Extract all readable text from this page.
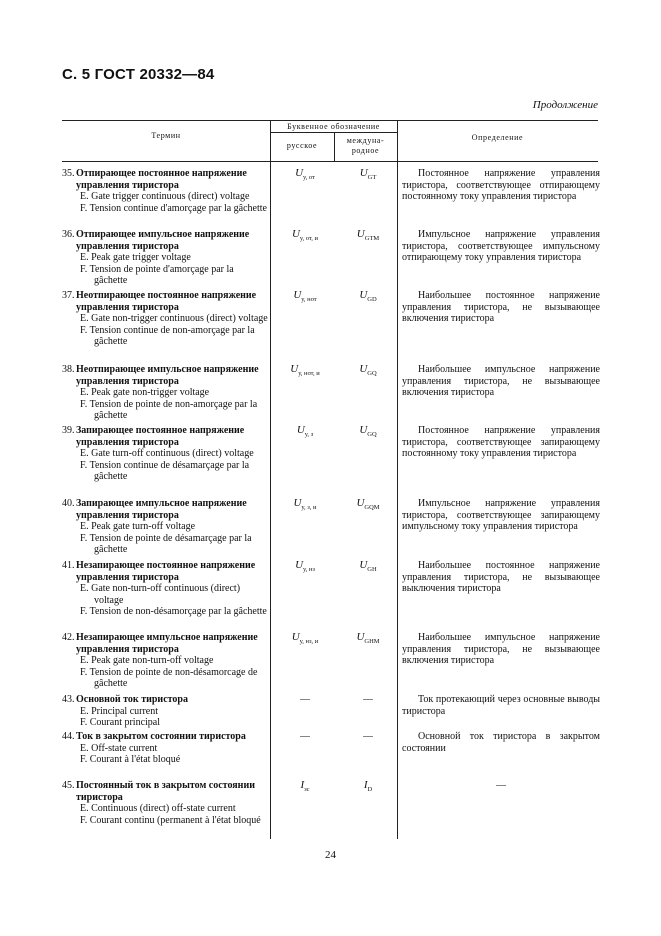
С. 5 ГОСТ 20332—84
Продолжение
Термин
Буквенное обозначение
русское
междуна-
родное
Определение
35. Отпирающее постоянное напряжение управления тиристора
E. Gate trigger continuous (direct) voltage
F. Tension continue d'amorçage par la gâchette
$U_{у, от}$	$U_{GT}$	Постоянное напряжение управления тиристора, соответствующее отпирающему постоянному току управления тиристора
36. Отпирающее импульсное напряжение управления тиристора
E. Peak gate trigger voltage
F. Tension de pointe d'amorçage par la gâchette
$U_{у, от, и}$	$U_{GTM}$	Импульсное напряжение управления тиристора, соответствующее импульсному отпирающему току управления тиристора
37. Неотпирающее постоянное напряжение управления тиристора
E. Gate non-trigger continuous (direct) voltage
F. Tension continue de non-amorçage par la gâchette
$U_{у, нот}$	$U_{GD}$	Наибольшее постоянное напряжение управления тиристора, не вызывающее включения тиристора
38. Неотпирающее импульсное напряжение управления тиристора
E. Peak gate non-trigger voltage
F. Tension de pointe de non-amorçage par la gâchette
$U_{у, нот, и}$	$U_{GQ}$	Наибольшее импульсное напряжение управления тиристора, не вызывающее включения тиристора
39. Запирающее постоянное напряжение управления тиристора
E. Gate turn-off continuous (direct) voltage
F. Tension continue de désamarçage par la gâchette
$U_{у, з}$	$U_{GQ}$	Постоянное напряжение управления тиристора, соответствующее запирающему постоянному току управления тиристора
40. Запирающее импульсное напряжение управления тиристора
E. Peak gate turn-off voltage
F. Tension de pointe de désamarçage par la gâchette
$U_{у, з, и}$	$U_{GQM}$	Импульсное напряжение управления тиристора, соответствующее запирающему импульсному току управления тиристора
41. Незапирающее постоянное напряжение управления тиристора
E. Gate non-turn-off continuous (direct) voltage
F. Tension de non-désamorçage par la gâchette
$U_{у, нз}$	$U_{GH}$	Наибольшее постоянное напряжение управления тиристора, не вызывающее выключения тиристора
42. Незапирающее импульсное напряжение управления тиристора
E. Peak gate non-turn-off voltage
F. Tension de pointe de non-désamorcage de gâchette
$U_{у, нз, и}$	$U_{GHM}$	Наибольшее импульсное напряжение управления тиристора, не вызывающее включения тиристора
43. Основной ток тиристора
E. Principal current
F. Courant principal
—	—	Ток протекающий через основные выводы тиристора
44. Ток в закрытом состоянии тиристора
E. Off-state current
F. Courant à l'état bloqué
—	—	Основной ток тиристора в закрытом состоянии
45. Постоянный ток в закрытом состоянии тиристора
E. Continuous (direct) off-state current
F. Courant continu (permanent à l'état bloqué
$I_{зс}$	$I_D$	—
24
